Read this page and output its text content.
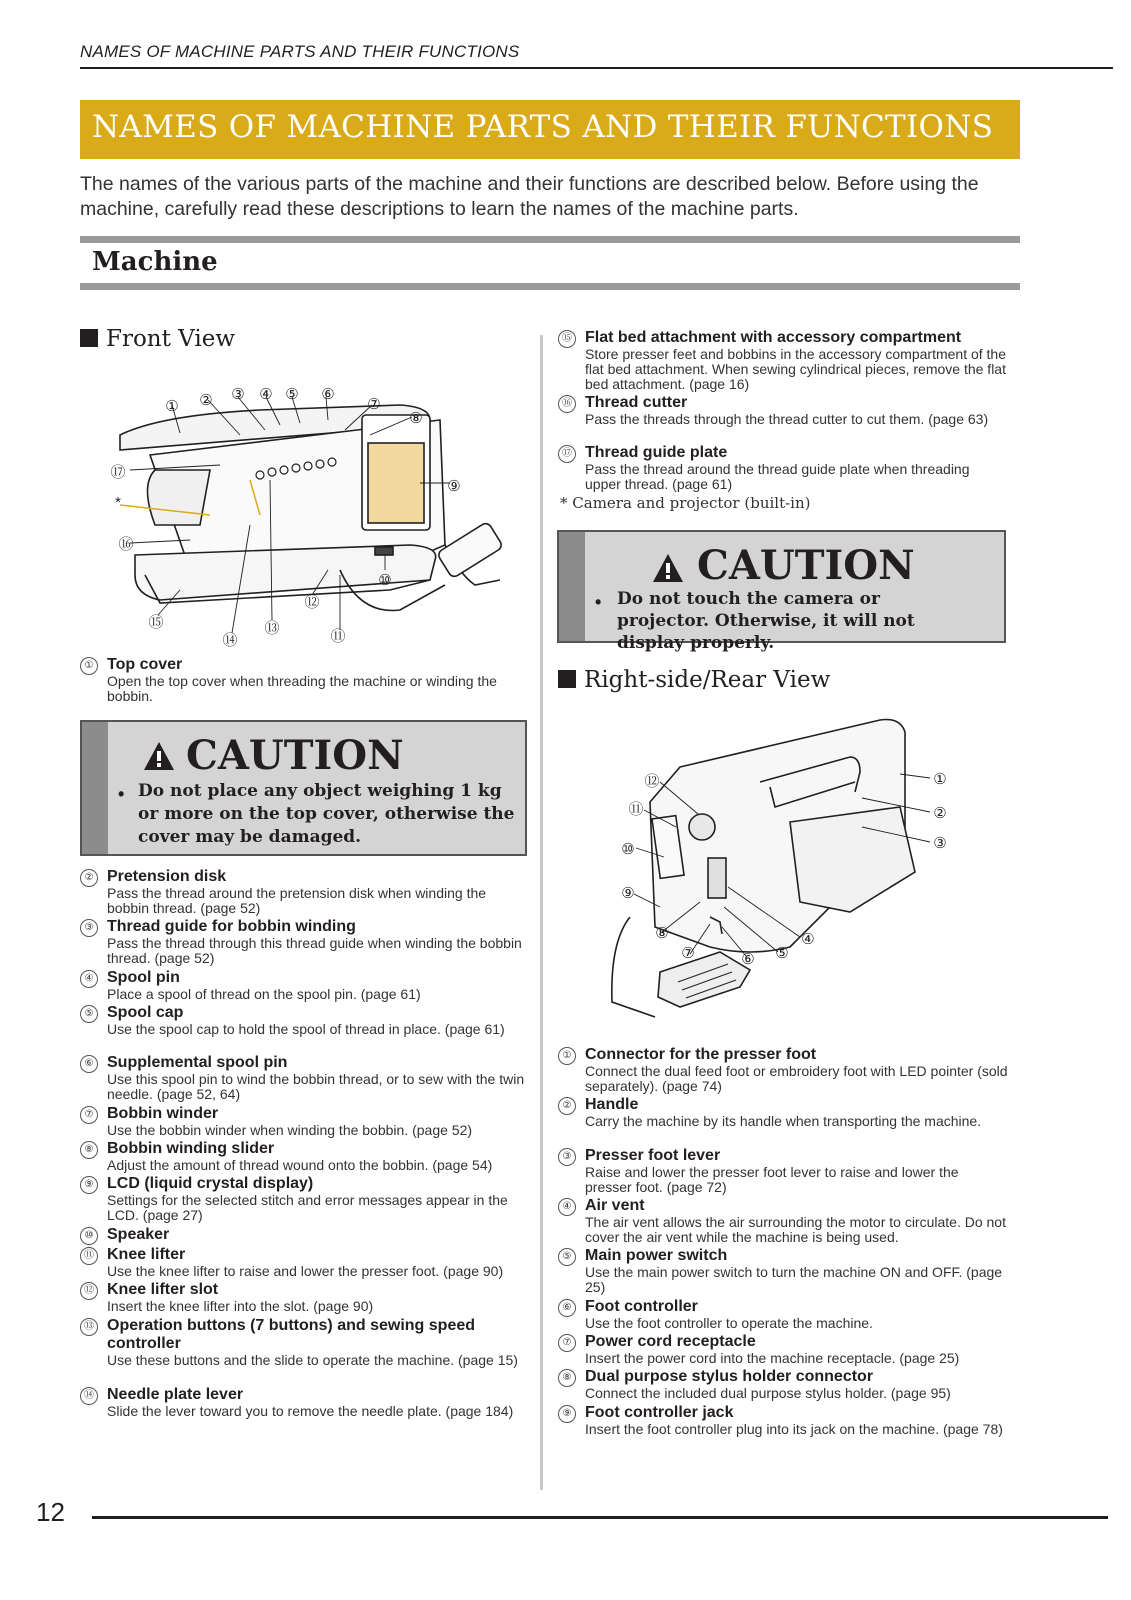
NAMES OF MACHINE PARTS AND THEIR FUNCTIONS
NAMES OF MACHINE PARTS AND THEIR FUNCTIONS
The names of the various parts of the machine and their functions are described below. Before using the machine, carefully read these descriptions to learn the names of the machine parts.
Machine
Front View
① ② ③ ④ ⑤ ⑥
⑦
⑧
⑨
⑩
⑪
⑫
⑬
⑭
⑮
⑯
⑰
*
① Top cover
Open the top cover when threading the machine or winding the bobbin.
CAUTION
• Do not place any object weighing 1 kg or more on the top cover, otherwise the cover may be damaged.
② Pretension disk
Pass the thread around the pretension disk when winding the bobbin thread. (page 52)
③ Thread guide for bobbin winding
Pass the thread through this thread guide when winding the bobbin thread. (page 52)
④ Spool pin
Place a spool of thread on the spool pin. (page 61)
⑤ Spool cap
Use the spool cap to hold the spool of thread in place. (page 61)
⑥ Supplemental spool pin
Use this spool pin to wind the bobbin thread, or to sew with the twin needle. (page 52, 64)
⑦ Bobbin winder
Use the bobbin winder when winding the bobbin. (page 52)
⑧ Bobbin winding slider
Adjust the amount of thread wound onto the bobbin. (page 54)
⑨ LCD (liquid crystal display)
Settings for the selected stitch and error messages appear in the LCD. (page 27)
⑩ Speaker
⑪ Knee lifter
Use the knee lifter to raise and lower the presser foot. (page 90)
⑫ Knee lifter slot
Insert the knee lifter into the slot. (page 90)
⑬ Operation buttons (7 buttons) and sewing speed controller
Use these buttons and the slide to operate the machine. (page 15)
⑭ Needle plate lever
Slide the lever toward you to remove the needle plate. (page 184)
⑮ Flat bed attachment with accessory compartment
Store presser feet and bobbins in the accessory compartment of the flat bed attachment. When sewing cylindrical pieces, remove the flat bed attachment. (page 16)
⑯ Thread cutter
Pass the threads through the thread cutter to cut them. (page 63)
⑰ Thread guide plate
Pass the thread around the thread guide plate when threading upper thread. (page 61)
* Camera and projector (built-in)
CAUTION
• Do not touch the camera or projector. Otherwise, it will not display properly.
Right-side/Rear View
①
②
③
④
⑤
⑥
⑦
⑧
⑨
⑩
⑪
⑫
① Connector for the presser foot
Connect the dual feed foot or embroidery foot with LED pointer (sold separately). (page 74)
② Handle
Carry the machine by its handle when transporting the machine.
③ Presser foot lever
Raise and lower the presser foot lever to raise and lower the presser foot. (page 72)
④ Air vent
The air vent allows the air surrounding the motor to circulate. Do not cover the air vent while the machine is being used.
⑤ Main power switch
Use the main power switch to turn the machine ON and OFF. (page 25)
⑥ Foot controller
Use the foot controller to operate the machine.
⑦ Power cord receptacle
Insert the power cord into the machine receptacle. (page 25)
⑧ Dual purpose stylus holder connector
Connect the included dual purpose stylus holder. (page 95)
⑨ Foot controller jack
Insert the foot controller plug into its jack on the machine. (page 78)
12
